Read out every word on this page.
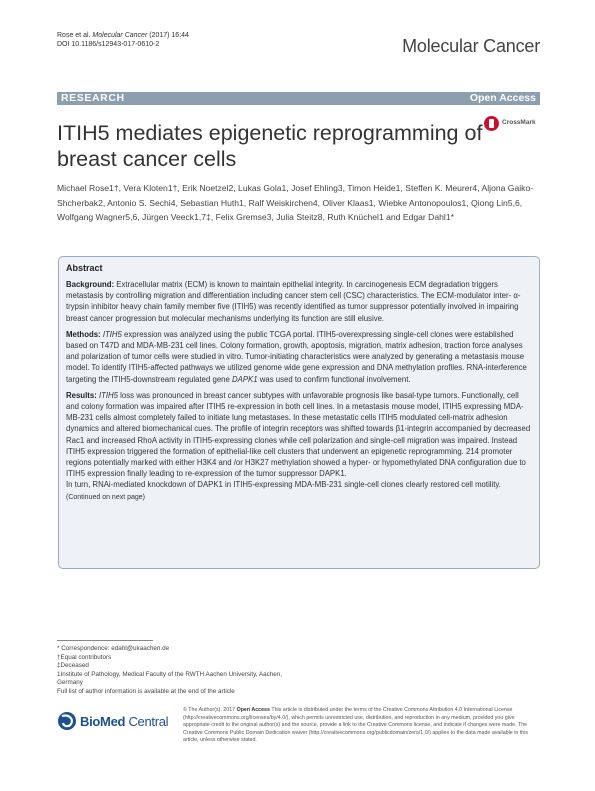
Rose et al. Molecular Cancer (2017) 16:44
DOI 10.1186/s12943-017-0610-2	Molecular Cancer
RESEARCH	Open Access
ITIH5 mediates epigenetic reprogramming of breast cancer cells
CrossMark
Michael Rose1†, Vera Kloten1†, Erik Noetzel2, Lukas Gola1, Josef Ehling3, Timon Heide1, Steffen K. Meurer4, Aljona Gaiko-Shcherbak2, Antonio S. Sechi4, Sebastian Huth1, Ralf Weiskirchen4, Oliver Klaas1, Wiebke Antonopoulos1, Qiong Lin5,6, Wolfgang Wagner5,6, Jürgen Veeck1,7‡, Felix Gremse3, Julia Steitz8, Ruth Knüchel1 and Edgar Dahl1*
Abstract

Background: Extracellular matrix (ECM) is known to maintain epithelial integrity. In carcinogenesis ECM degradation triggers metastasis by controlling migration and differentiation including cancer stem cell (CSC) characteristics. The ECM-modulator inter- α-trypsin inhibitor heavy chain family member five (ITIH5) was recently identified as tumor suppressor potentially involved in impairing breast cancer progression but molecular mechanisms underlying its function are still elusive.

Methods: ITIH5 expression was analyzed using the public TCGA portal. ITIH5-overexpressing single-cell clones were established based on T47D and MDA-MB-231 cell lines. Colony formation, growth, apoptosis, migration, matrix adhesion, traction force analyses and polarization of tumor cells were studied in vitro. Tumor-initiating characteristics were analyzed by generating a metastasis mouse model. To identify ITIH5-affected pathways we utilized genome wide gene expression and DNA methylation profiles. RNA-interference targeting the ITIH5-downstream regulated gene DAPK1 was used to confirm functional involvement.

Results: ITIH5 loss was pronounced in breast cancer subtypes with unfavorable prognosis like basal-type tumors. Functionally, cell and colony formation was impaired after ITIH5 re-expression in both cell lines. In a metastasis mouse model, ITIH5 expressing MDA-MB-231 cells almost completely failed to initiate lung metastases. In these metastatic cells ITIH5 modulated cell-matrix adhesion dynamics and altered biomechanical cues. The profile of integrin receptors was shifted towards β1-integrin accompanied by decreased Rac1 and increased RhoA activity in ITIH5-expressing clones while cell polarization and single-cell migration was impaired. Instead ITIH5 expression triggered the formation of epithelial-like cell clusters that underwent an epigenetic reprogramming. 214 promoter regions potentially marked with either H3K4 and /or H3K27 methylation showed a hyper- or hypomethylated DNA configuration due to ITIH5 expression finally leading to re-expression of the tumor suppressor DAPK1.
In turn, RNAi-mediated knockdown of DAPK1 in ITIH5-expressing MDA-MB-231 single-cell clones clearly restored cell motility.

(Continued on next page)
* Correspondence: edahl@ukaachen.de
†Equal contributors
‡Deceased
1Institute of Pathology, Medical Faculty of the RWTH Aachen University, Aachen, Germany
Full list of author information is available at the end of the article
BioMed Central
© The Author(s). 2017 Open Access This article is distributed under the terms of the Creative Commons Attribution 4.0 International License (http://creativecommons.org/licenses/by/4.0/), which permits unrestricted use, distribution, and reproduction in any medium, provided you give appropriate credit to the original author(s) and the source, provide a link to the Creative Commons license, and indicate if changes were made. The Creative Commons Public Domain Dedication waiver (http://creativecommons.org/publicdomain/zero/1.0/) applies to the data made available in this article, unless otherwise stated.
